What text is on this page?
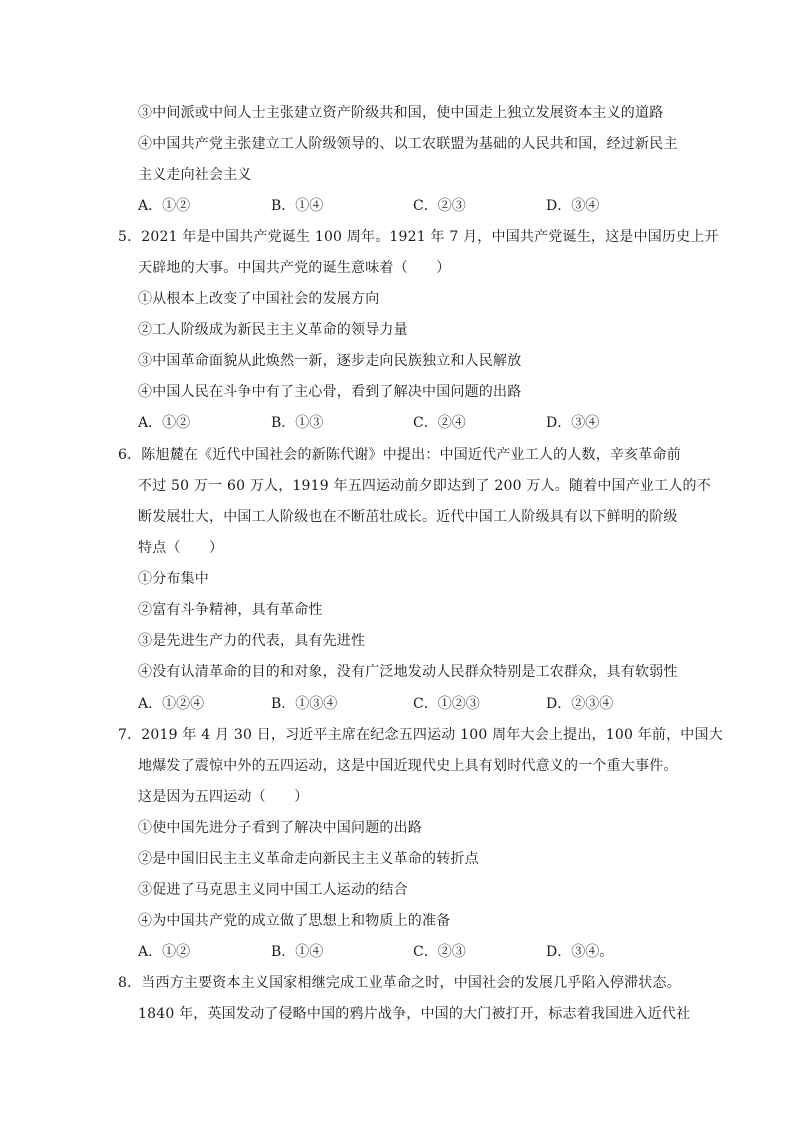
③中间派或中间人士主张建立资产阶级共和国，使中国走上独立发展资本主义的道路
④中国共产党主张建立工人阶级领导的、以工农联盟为基础的人民共和国，经过新民主
主义走向社会主义
A．①②	B．①④	C．②③	D．③④
5．2021 年是中国共产党诞生 100 周年。1921 年 7 月，中国共产党诞生，这是中国历史上开
天辟地的大事。中国共产党的诞生意味着（　　）
①从根本上改变了中国社会的发展方向
②工人阶级成为新民主主义革命的领导力量
③中国革命面貌从此焕然一新，逐步走向民族独立和人民解放
④中国人民在斗争中有了主心骨，看到了解决中国问题的出路
A．①②	B．①③	C．②④	D．③④
6．陈旭麓在《近代中国社会的新陈代谢》中提出：中国近代产业工人的人数，辛亥革命前
不过 50 万一 60 万人，1919 年五四运动前夕即达到了 200 万人。随着中国产业工人的不
断发展壮大，中国工人阶级也在不断茁壮成长。近代中国工人阶级具有以下鲜明的阶级
特点（　　）
①分布集中
②富有斗争精神，具有革命性
③是先进生产力的代表，具有先进性
④没有认清革命的目的和对象，没有广泛地发动人民群众特别是工农群众，具有软弱性
A．①②④	B．①③④	C．①②③	D．②③④
7．2019 年 4 月 30 日，习近平主席在纪念五四运动 100 周年大会上提出，100 年前，中国大
地爆发了震惊中外的五四运动，这是中国近现代史上具有划时代意义的一个重大事件。
这是因为五四运动（　　）
①使中国先进分子看到了解决中国问题的出路
②是中国旧民主主义革命走向新民主主义革命的转折点
③促进了马克思主义同中国工人运动的结合
④为中国共产党的成立做了思想上和物质上的准备
A．①②	B．①④	C．②③	D．③④。
8．当西方主要资本主义国家相继完成工业革命之时，中国社会的发展几乎陷入停滞状态。
1840 年，英国发动了侵略中国的鸦片战争，中国的大门被打开，标志着我国进入近代社
